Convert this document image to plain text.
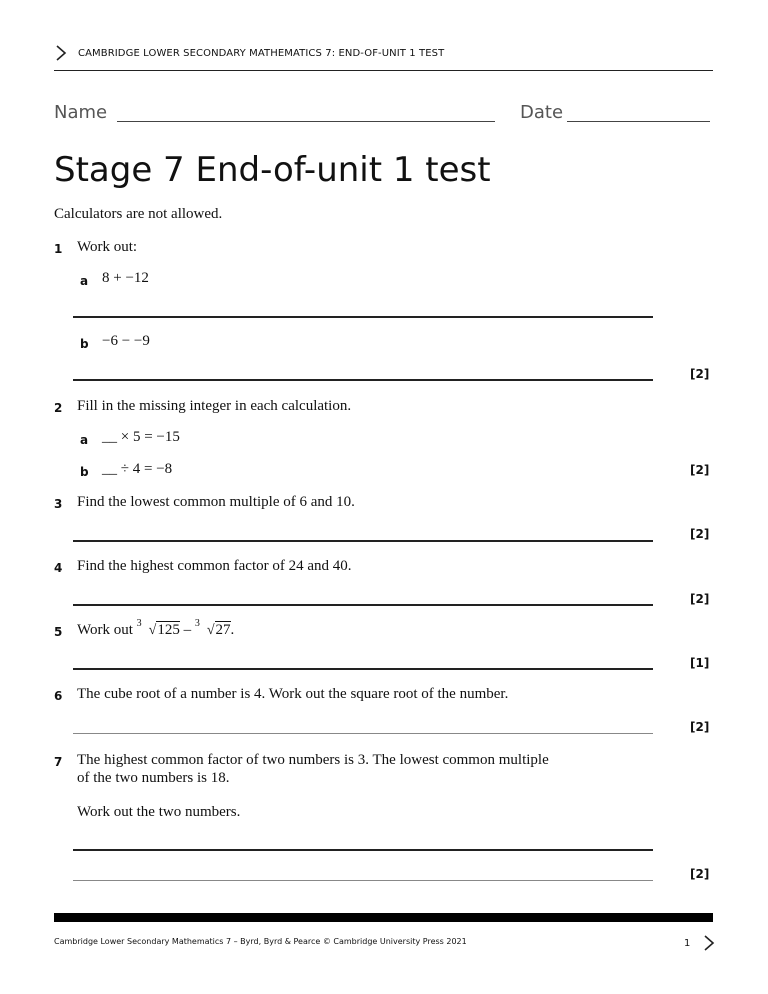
CAMBRIDGE LOWER SECONDARY MATHEMATICS 7: END-OF-UNIT 1 TEST
Name	Date
Stage 7 End-of-unit 1 test
Calculators are not allowed.
1 Work out:
a 8 + −12
b −6 − −9
[2]
2 Fill in the missing integer in each calculation.
a __ × 5 = −15
b __ ÷ 4 = −8	[2]
3 Find the lowest common multiple of 6 and 10.
[2]
4 Find the highest common factor of 24 and 40.
[2]
5 Work out 3 √125 – 3 √27.
[1]
6 The cube root of a number is 4. Work out the square root of the number.
[2]
7 The highest common factor of two numbers is 3. The lowest common multiple
of the two numbers is 18.
Work out the two numbers.
[2]
Cambridge Lower Secondary Mathematics 7 – Byrd, Byrd & Pearce © Cambridge University Press 2021	1
